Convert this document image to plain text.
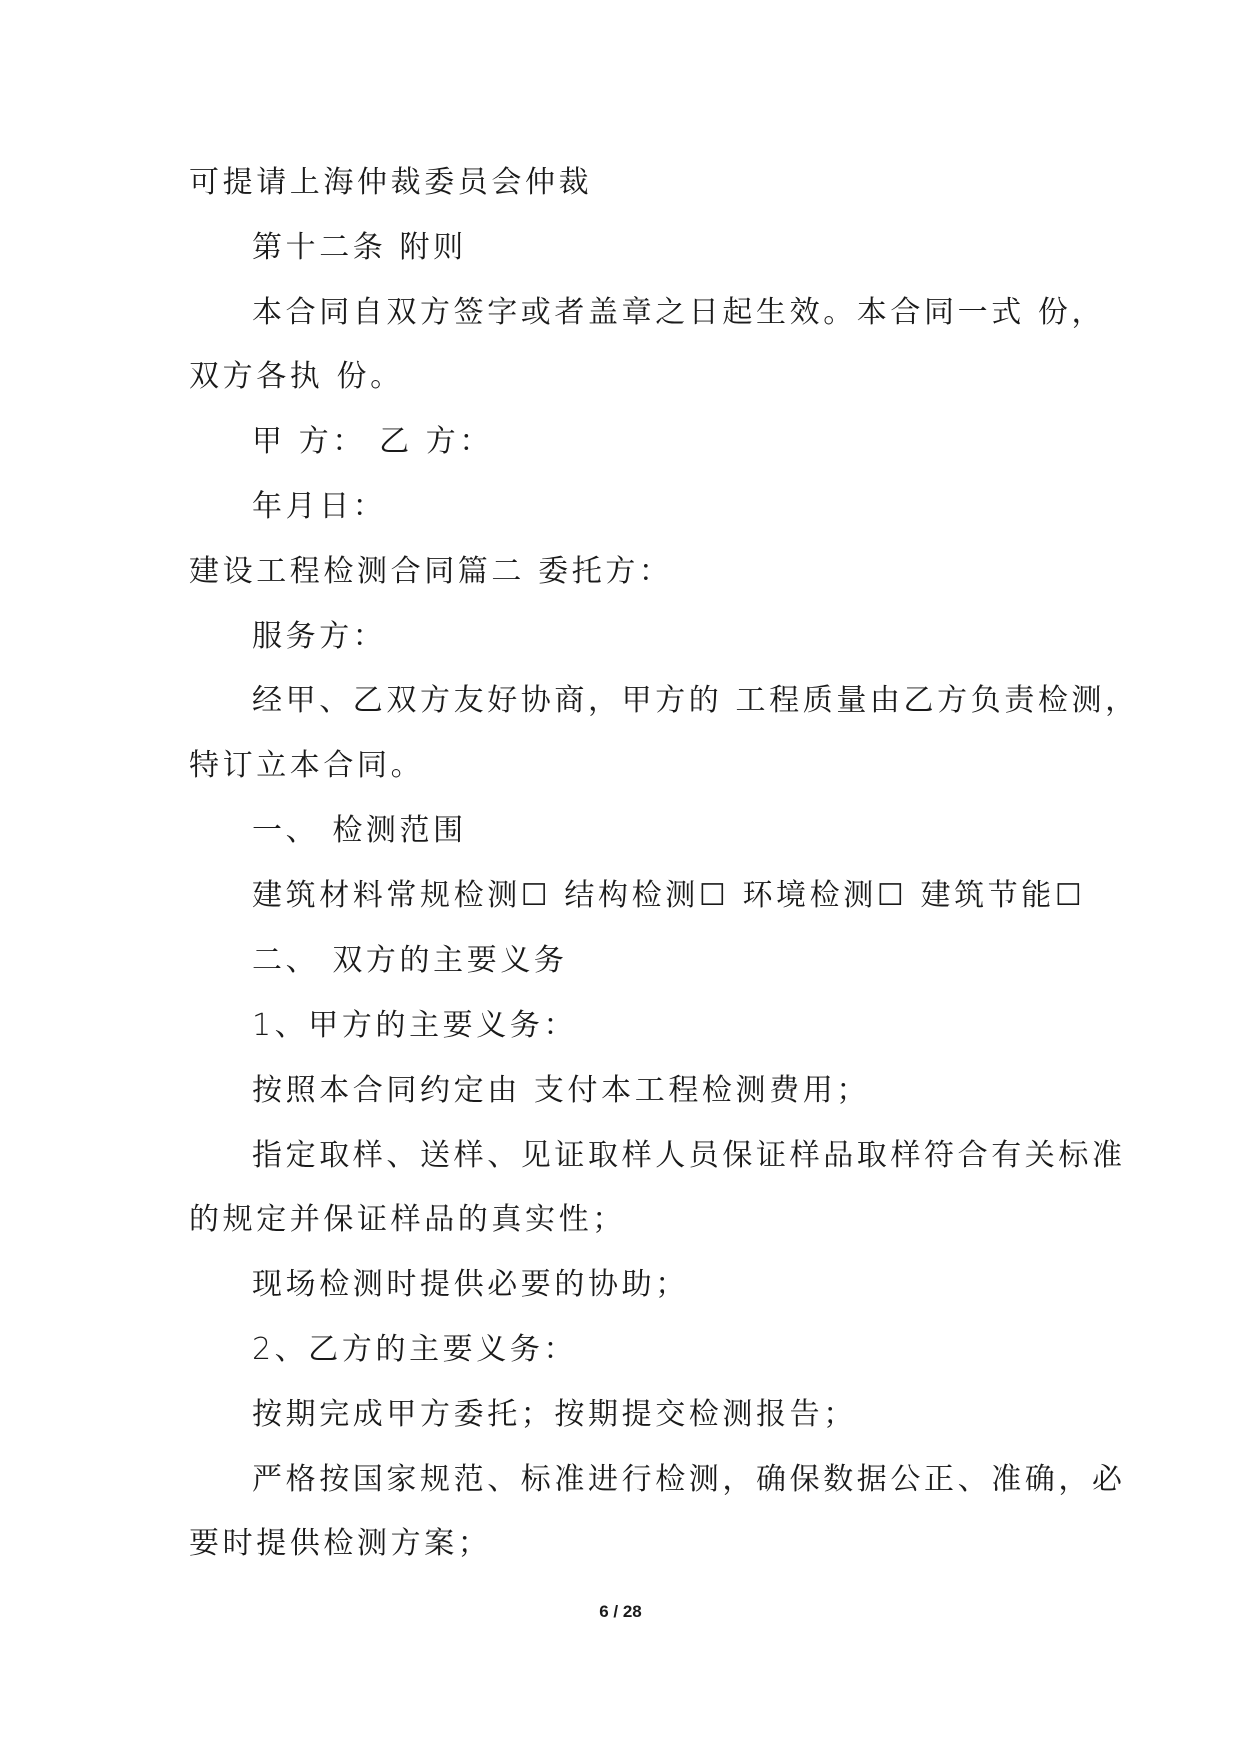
可提请上海仲裁委员会仲裁
第十二条 附则
本合同自双方签字或者盖章之日起生效。本合同一式 份，
双方各执 份。
甲 方： 乙 方：
年月日：
建设工程检测合同篇二 委托方：
服务方：
经甲、乙双方友好协商，甲方的 工程质量由乙方负责检测，
特订立本合同。
一、 检测范围
建筑材料常规检测☐ 结构检测☐ 环境检测☐ 建筑节能☐
二、 双方的主要义务
1、甲方的主要义务：
按照本合同约定由 支付本工程检测费用；
指定取样、送样、见证取样人员保证样品取样符合有关标准
的规定并保证样品的真实性；
现场检测时提供必要的协助；
2、乙方的主要义务：
按期完成甲方委托；按期提交检测报告；
严格按国家规范、标准进行检测，确保数据公正、准确，必
要时提供检测方案；
6 / 28
